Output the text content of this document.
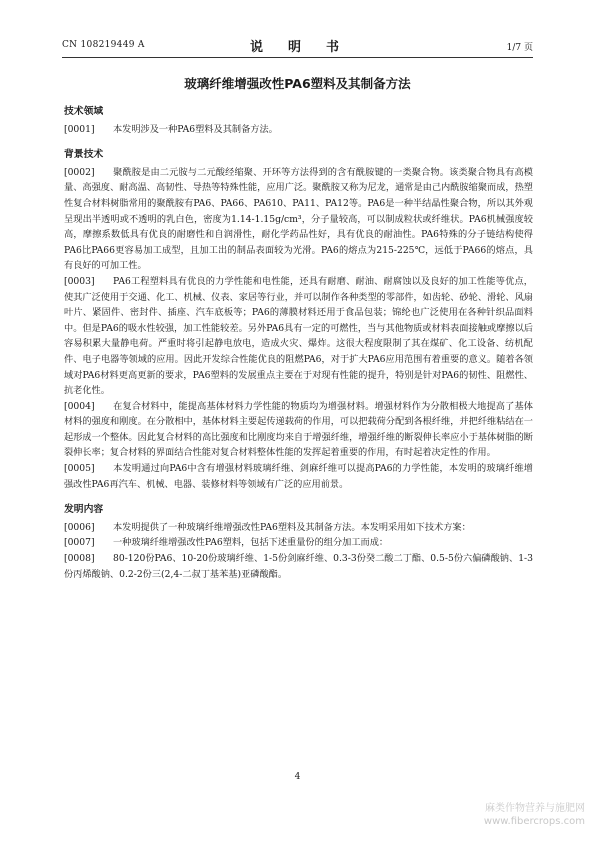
CN 108219449 A	说　明　书	1/7 页
玻璃纤维增强改性PA6塑料及其制备方法
技术领域
[0001] 本发明涉及一种PA6塑料及其制备方法。
背景技术
[0002] 聚酰胺是由二元胺与二元酸经缩聚、开环等方法得到的含有酰胺键的一类聚合物。该类聚合物具有高模量、高强度、耐高温、高韧性、导热等特殊性能，应用广泛。聚酰胺又称为尼龙，通常是由己内酰胺缩聚而成，热塑性复合材料树脂常用的聚酰胺有PA6、PA66、PA610、PA11、PA12等。PA6是一种半结晶性聚合物，所以其外观呈现出半透明或不透明的乳白色，密度为1.14-1.15g/cm³，分子量较高，可以制成粒状或纤维状。PA6机械强度较高，摩擦系数低具有优良的耐磨性和自润滑性，耐化学药品性好，具有优良的耐油性。PA6特殊的分子链结构使得PA6比PA66更容易加工成型，且加工出的制品表面较为光滑。PA6的熔点为215-225℃，远低于PA66的熔点，具有良好的可加工性。
[0003] PA6工程塑料具有优良的力学性能和电性能，还具有耐磨、耐油、耐腐蚀以及良好的加工性能等优点，使其广泛使用于交通、化工、机械、仪表、家居等行业，并可以制作各种类型的零部件，如齿轮、砂轮、滑轮、风扇叶片、紧固件、密封件、插座、汽车底板等；PA6的薄膜材料还用于食品包装；锦纶也广泛使用在各种针织品面料中。但是PA6的吸水性较强，加工性能较差。另外PA6具有一定的可燃性，当与其他物质或材料表面接触或摩擦以后容易积累大量静电荷。严重时将引起静电放电，造成火灾、爆炸。这很大程度限制了其在煤矿、化工设备、纺机配件、电子电器等领域的应用。因此开发综合性能优良的阻燃PA6，对于扩大PA6应用范围有着重要的意义。随着各领域对PA6材料更高更新的要求，PA6塑料的发展重点主要在于对现有性能的提升，特别是针对PA6的韧性、阻燃性、抗老化性。
[0004] 在复合材料中，能提高基体材料力学性能的物质均为增强材料。增强材料作为分散相极大地提高了基体材料的强度和刚度。在分散相中，基体材料主要起传递载荷的作用，可以把载荷分配到各根纤维，并把纤维粘结在一起形成一个整体。因此复合材料的高比强度和比刚度均来自于增强纤维，增强纤维的断裂伸长率应小于基体树脂的断裂伸长率；复合材料的界面结合性能对复合材料整体性能的发挥起着重要的作用，有时起着决定性的作用。
[0005] 本发明通过向PA6中含有增强材料玻璃纤维、剑麻纤维可以提高PA6的力学性能，本发明的玻璃纤维增强改性PA6再汽车、机械、电器、装修材料等领域有广泛的应用前景。
发明内容
[0006] 本发明提供了一种玻璃纤维增强改性PA6塑料及其制备方法。本发明采用如下技术方案：
[0007] 一种玻璃纤维增强改性PA6塑料，包括下述重量份的组分加工而成：
[0008] 80-120份PA6、10-20份玻璃纤维、1-5份剑麻纤维、0.3-3份癸二酸二丁酯、0.5-5份六偏磷酸钠、1-3份丙烯酸钠、0.2-2份三(2,4-二叔丁基苯基)亚磷酸酯。
4
麻类作物营养与施肥网
www.fibercrops.com
